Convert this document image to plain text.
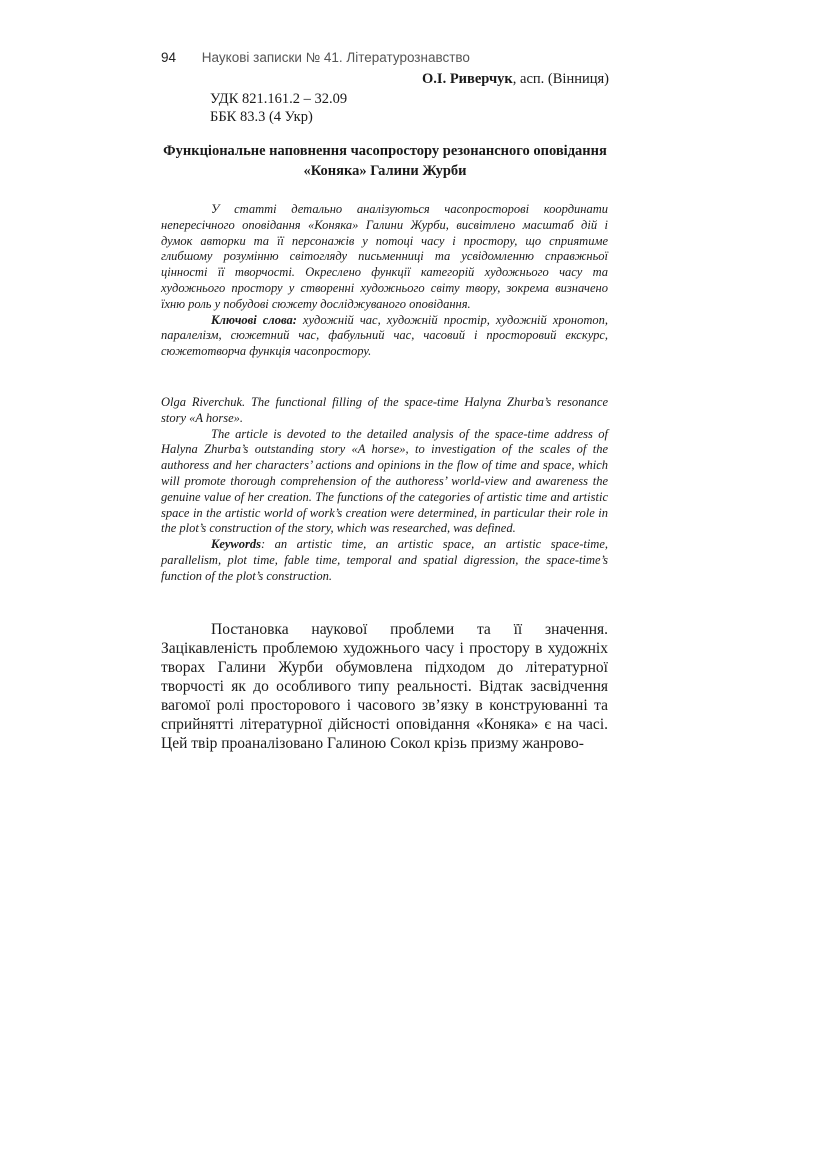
94 Наукові записки № 41. Літературознавство
О.І. Риверчук, асп. (Вінниця)
УДК 821.161.2 – 32.09
ББК 83.3 (4 Укр)
Функціональне наповнення часопростору резонансного оповідання «Коняка» Галини Журби

У статті детально аналізуються часопросторові координати непересічного оповідання «Коняка» Галини Журби, висвітлено масштаб дій і думок авторки та її персонажів у потоці часу і простору, що сприятиме глибшому розумінню світогляду письменниці та усвідомленню справжньої цінності її творчості. Окреслено функції категорій художнього часу та художнього простору у створенні художнього світу твору, зокрема визначено їхню роль у побудові сюжету досліджуваного оповідання.

Ключові слова: художній час, художній простір, художній хронотоп, паралелізм, сюжетний час, фабульний час, часовий і просторовий екскурс, сюжетотворча функція часопростору.

Olga Riverchuk. The functional filling of the space-time Halyna Zhurba’s resonance story «A horse».

The article is devoted to the detailed analysis of the space-time address of Halyna Zhurba’s outstanding story «A horse», to investigation of the scales of the authoress and her characters’ actions and opinions in the flow of time and space, which will promote thorough comprehension of the authoress’ world-view and awareness the genuine value of her creation. The functions of the categories of artistic time and artistic space in the artistic world of work’s creation were determined, in particular their role in the plot’s construction of the story, which was researched, was defined.

Keywords: an artistic time, an artistic space, an artistic space-time, parallelism, plot time, fable time, temporal and spatial digression, the space-time’s function of the plot’s construction.

Постановка наукової проблеми та її значення. Зацікавленість проблемою художнього часу і простору в художніх творах Галини Журби обумовлена підходом до літературної творчості як до особливого типу реальності. Відтак засвідчення вагомої ролі просторового і часового зв’язку в конструюванні та сприйнятті літературної дійсності оповідання «Коняка» є на часі. Цей твір проаналізовано Галиною Сокол крізь призму жанрово-
